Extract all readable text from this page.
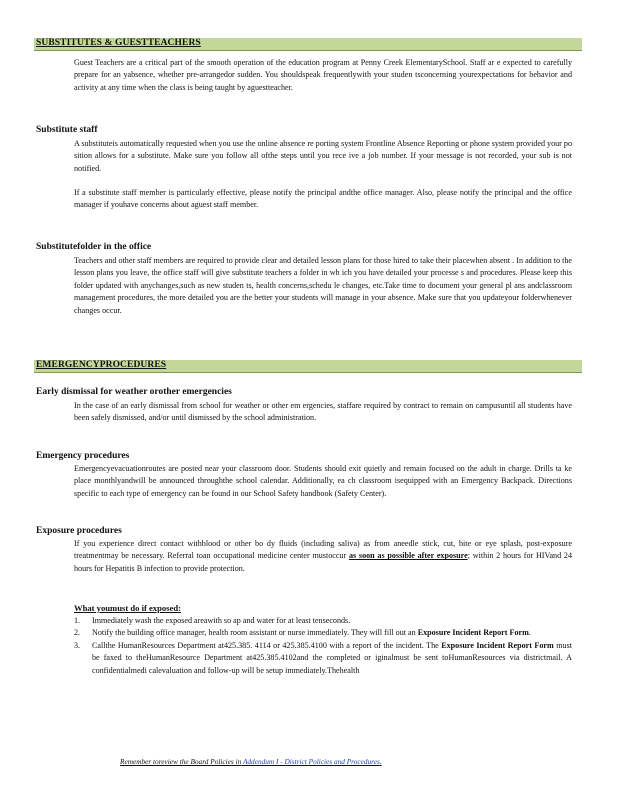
SUBSTITUTES & GUESTTEACHERS

Guest Teachers are a critical part of the smooth operation of the education program at Penny Creek ElementarySchool. Staff ar e expected to carefully prepare for an yabsence, whether pre-arrangedor sudden. You shouldspeak frequentlywith your studen tsconcerning yourexpectations for behavior and activity at any time when the class is being taught by aguestteacher.

Substitute staff

A substituteis automatically requested when you use the online absence re porting system Frontline Absence Reporting or phone system provided your po sition allows for a substitute. Make sure you follow all ofthe steps until you rece ive a job number. If your message is not recorded, your sub is not notified.

If a substitute staff member is particularly effective, please notify the principal andthe office manager. Also, please notify the principal and the office manager if youhave concerns about aguest staff member.

Substitutefolder in the office

Teachers and other staff members are required to provide clear and detailed lesson plans for those hired to take their placewhen absent . In addition to the lesson plans you leave, the office staff will give substitute teachers a folder in wh ich you have detailed your processe s and procedures. Please keep this folder updated with anychanges,such as new studen ts, health concerns,schedu le changes, etc.Take time to document your general pl ans andclassroom management procedures, the more detailed you are the better your students will manage in your absence. Make sure that you updateyour folderwhenever changes occur.

EMERGENCYPROCEDURES
Early dismissal for weather orother emergencies

In the case of an early dismissal from school for weather or other em ergencies, staffare required by contract to remain on campusuntil all students have been safely dismissed, and/or until dismissed by the school administration.

Emergency procedures

Emergencyevacuationroutes are posted near your classroom door. Students should exit quietly and remain focused on the adult in charge. Drills ta ke place monthlyandwill be announced throughthe school calendar. Additionally, ea ch classroom isequipped with an Emergency Backpack. Directions specific to each type of emergency can be found in our School Safety handbook (Safety Center).

Exposure procedures

If you experience direct contact withblood or other bo dy fluids (including saliva) as from aneedle stick, cut, bite or eye splash, post-exposure treatmentmay be necessary. Referral toan occupational medicine center mustoccur as soon as possible after exposure; within 2 hours for HIVand 24 hours for Hepatitis B infection to provide protection.

What youmust do if exposed:
1. Immediately wash the exposed areawith so ap and water for at least tenseconds.
2. Notify the building office manager, health room assistant or nurse immediately. They will fill out an Exposure Incident Report Form.
3. Callthe HumanResources Department at425.385. 4114 or 425.385.4100 with a report of the incident. The Exposure Incident Report Form must be faxed to theHumanResource Department at425.385.4102and the completed or iginalmust be sent toHumanResources via districtmail. A confidentialmedi calevaluation and follow-up will be setup immediately.Thehealth
Remember toreview the Board Policies in Addendum I - District Policies and Procedures.
